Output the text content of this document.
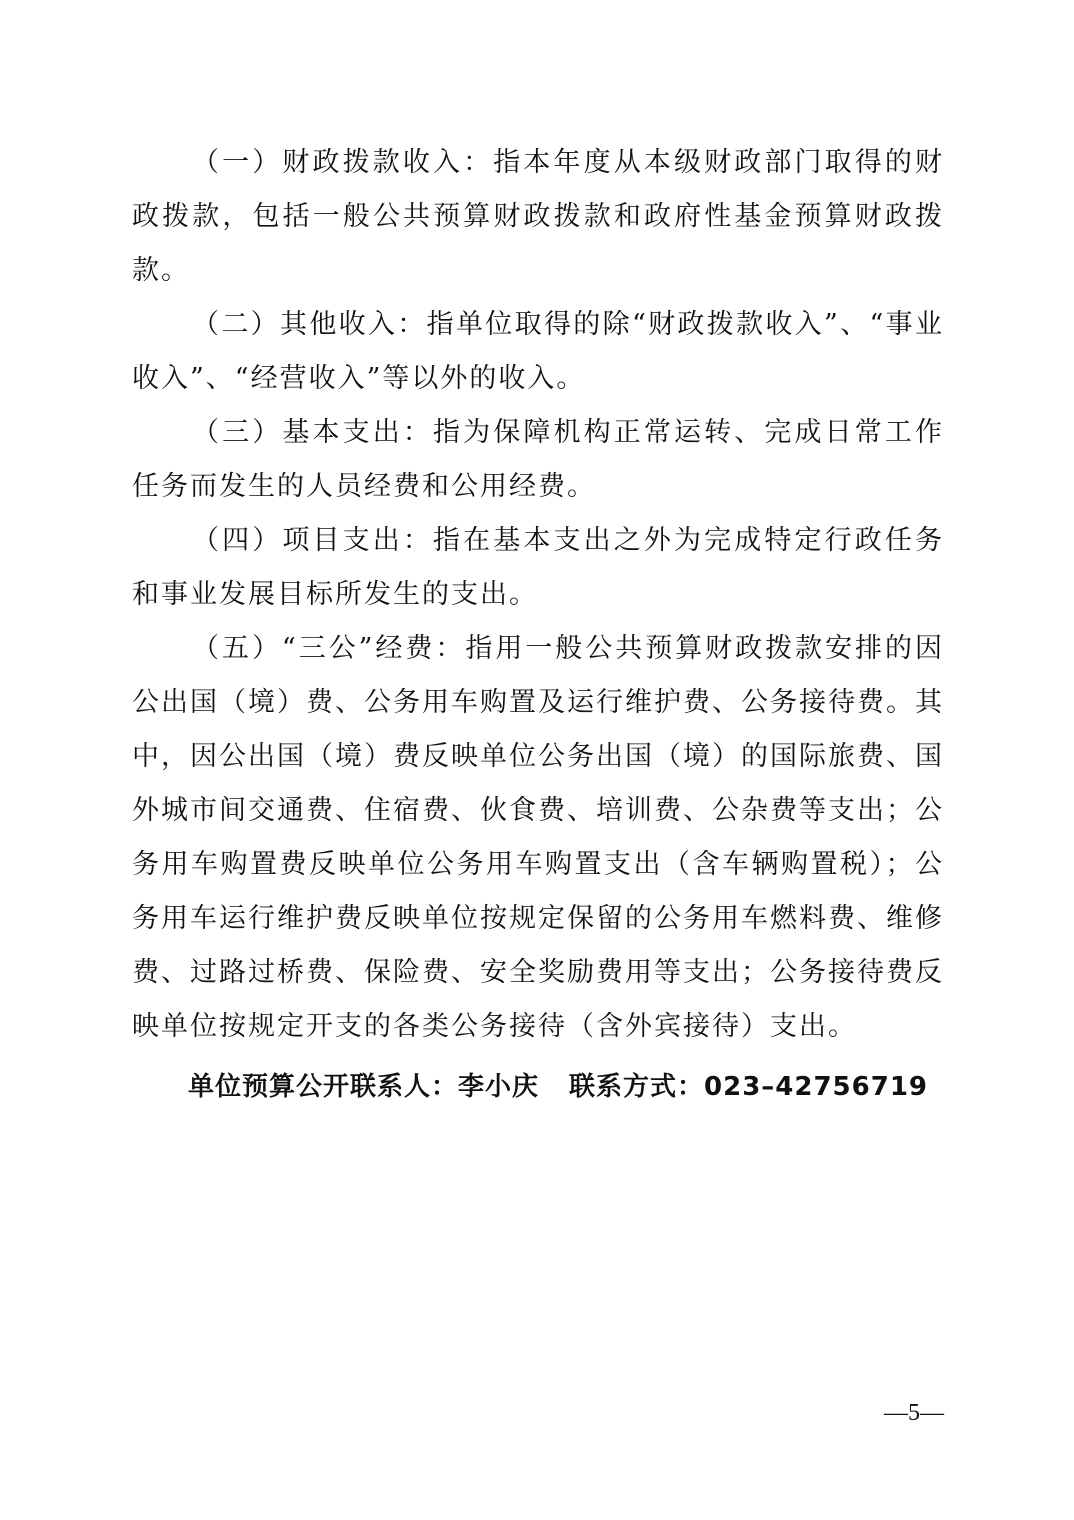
（一）财政拨款收入：指本年度从本级财政部门取得的财政拨款，包括一般公共预算财政拨款和政府性基金预算财政拨款。

（二）其他收入：指单位取得的除“财政拨款收入”、“事业收入”、“经营收入”等以外的收入。

（三）基本支出：指为保障机构正常运转、完成日常工作任务而发生的人员经费和公用经费。

（四）项目支出：指在基本支出之外为完成特定行政任务和事业发展目标所发生的支出。

（五）“三公”经费：指用一般公共预算财政拨款安排的因公出国（境）费、公务用车购置及运行维护费、公务接待费。其中，因公出国（境）费反映单位公务出国（境）的国际旅费、国外城市间交通费、住宿费、伙食费、培训费、公杂费等支出；公务用车购置费反映单位公务用车购置支出（含车辆购置税）；公务用车运行维护费反映单位按规定保留的公务用车燃料费、维修费、过路过桥费、保险费、安全奖励费用等支出；公务接待费反映单位按规定开支的各类公务接待（含外宾接待）支出。

单位预算公开联系人：李小庆 联系方式：023–42756719

—5—
